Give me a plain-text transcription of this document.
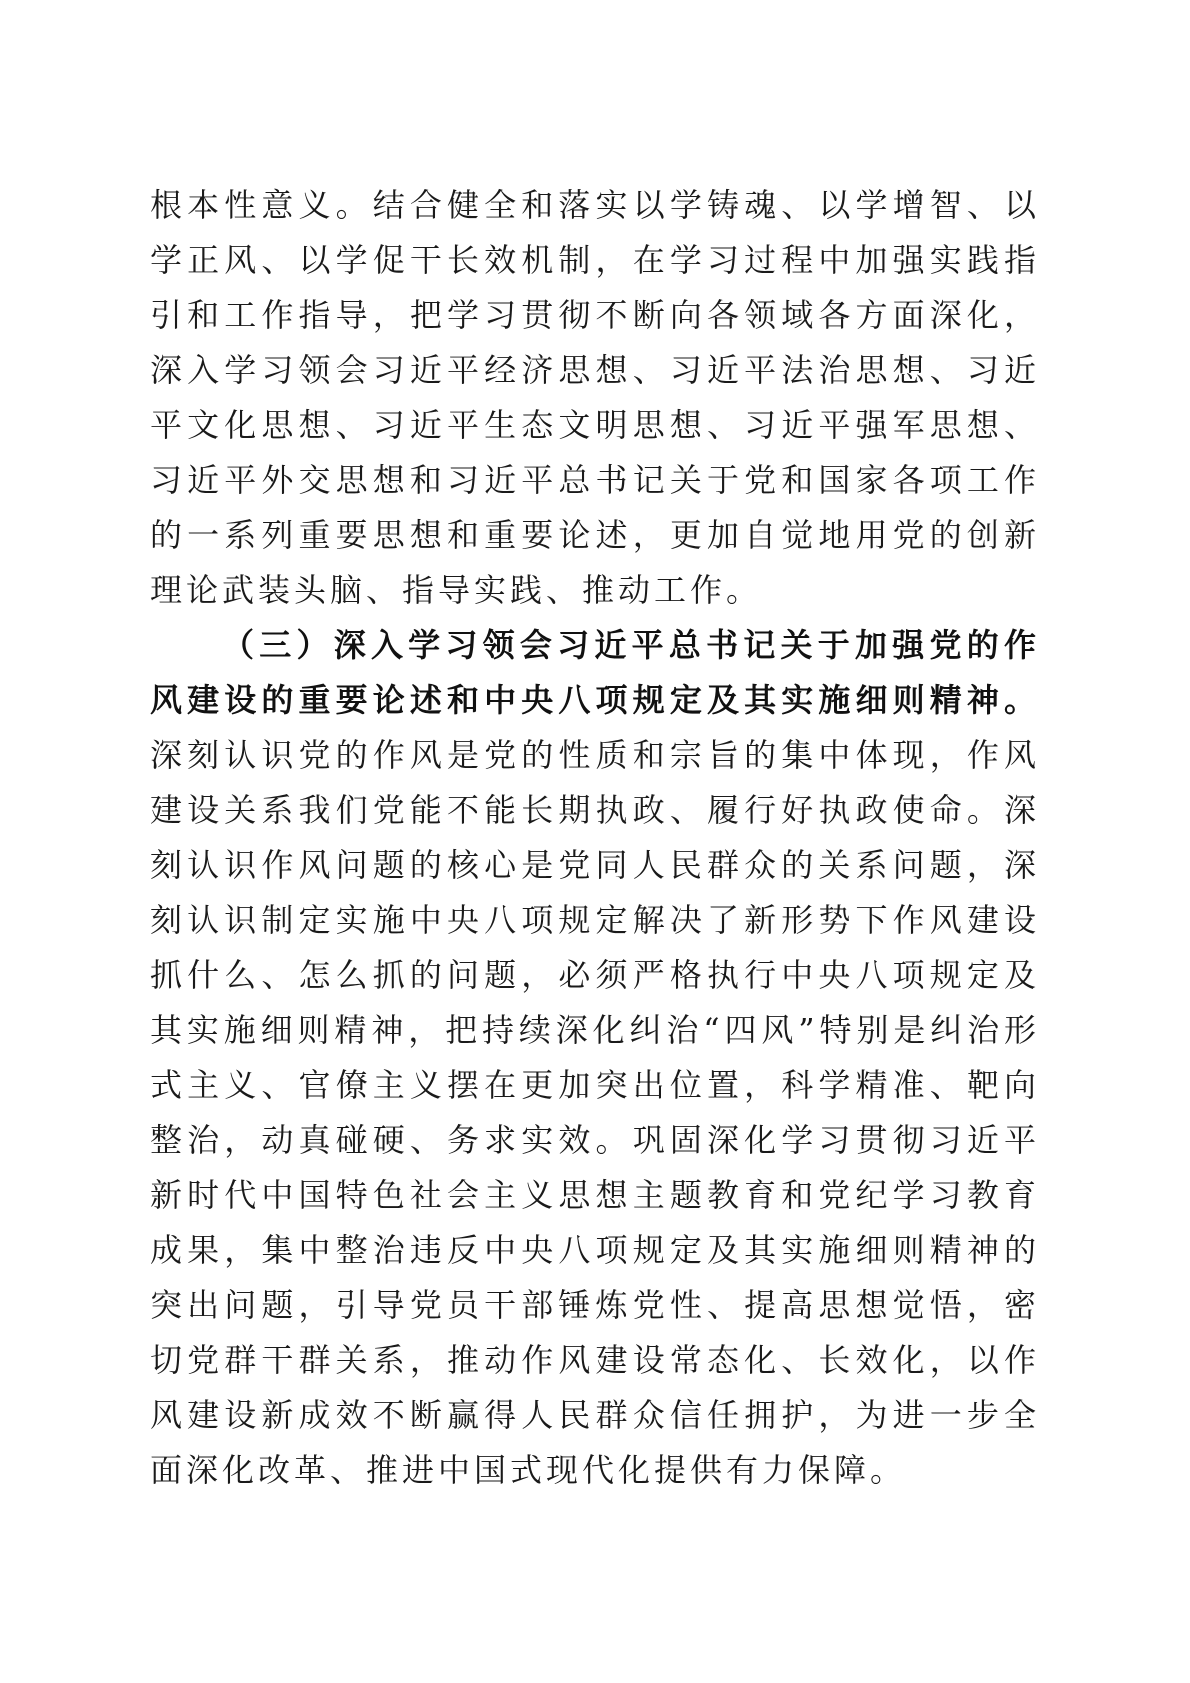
根本性意义。结合健全和落实以学铸魂、以学增智、以学正风、以学促干长效机制，在学习过程中加强实践指引和工作指导，把学习贯彻不断向各领域各方面深化，深入学习领会习近平经济思想、习近平法治思想、习近平文化思想、习近平生态文明思想、习近平强军思想、习近平外交思想和习近平总书记关于党和国家各项工作的一系列重要思想和重要论述，更加自觉地用党的创新理论武装头脑、指导实践、推动工作。

（三）深入学习领会习近平总书记关于加强党的作风建设的重要论述和中央八项规定及其实施细则精神。深刻认识党的作风是党的性质和宗旨的集中体现，作风建设关系我们党能不能长期执政、履行好执政使命。深刻认识作风问题的核心是党同人民群众的关系问题，深刻认识制定实施中央八项规定解决了新形势下作风建设抓什么、怎么抓的问题，必须严格执行中央八项规定及其实施细则精神，把持续深化纠治“四风”特别是纠治形式主义、官僚主义摆在更加突出位置，科学精准、靶向整治，动真碰硬、务求实效。巩固深化学习贯彻习近平新时代中国特色社会主义思想主题教育和党纪学习教育成果，集中整治违反中央八项规定及其实施细则精神的突出问题，引导党员干部锤炼党性、提高思想觉悟，密切党群干群关系，推动作风建设常态化、长效化，以作风建设新成效不断赢得人民群众信任拥护，为进一步全面深化改革、推进中国式现代化提供有力保障。
